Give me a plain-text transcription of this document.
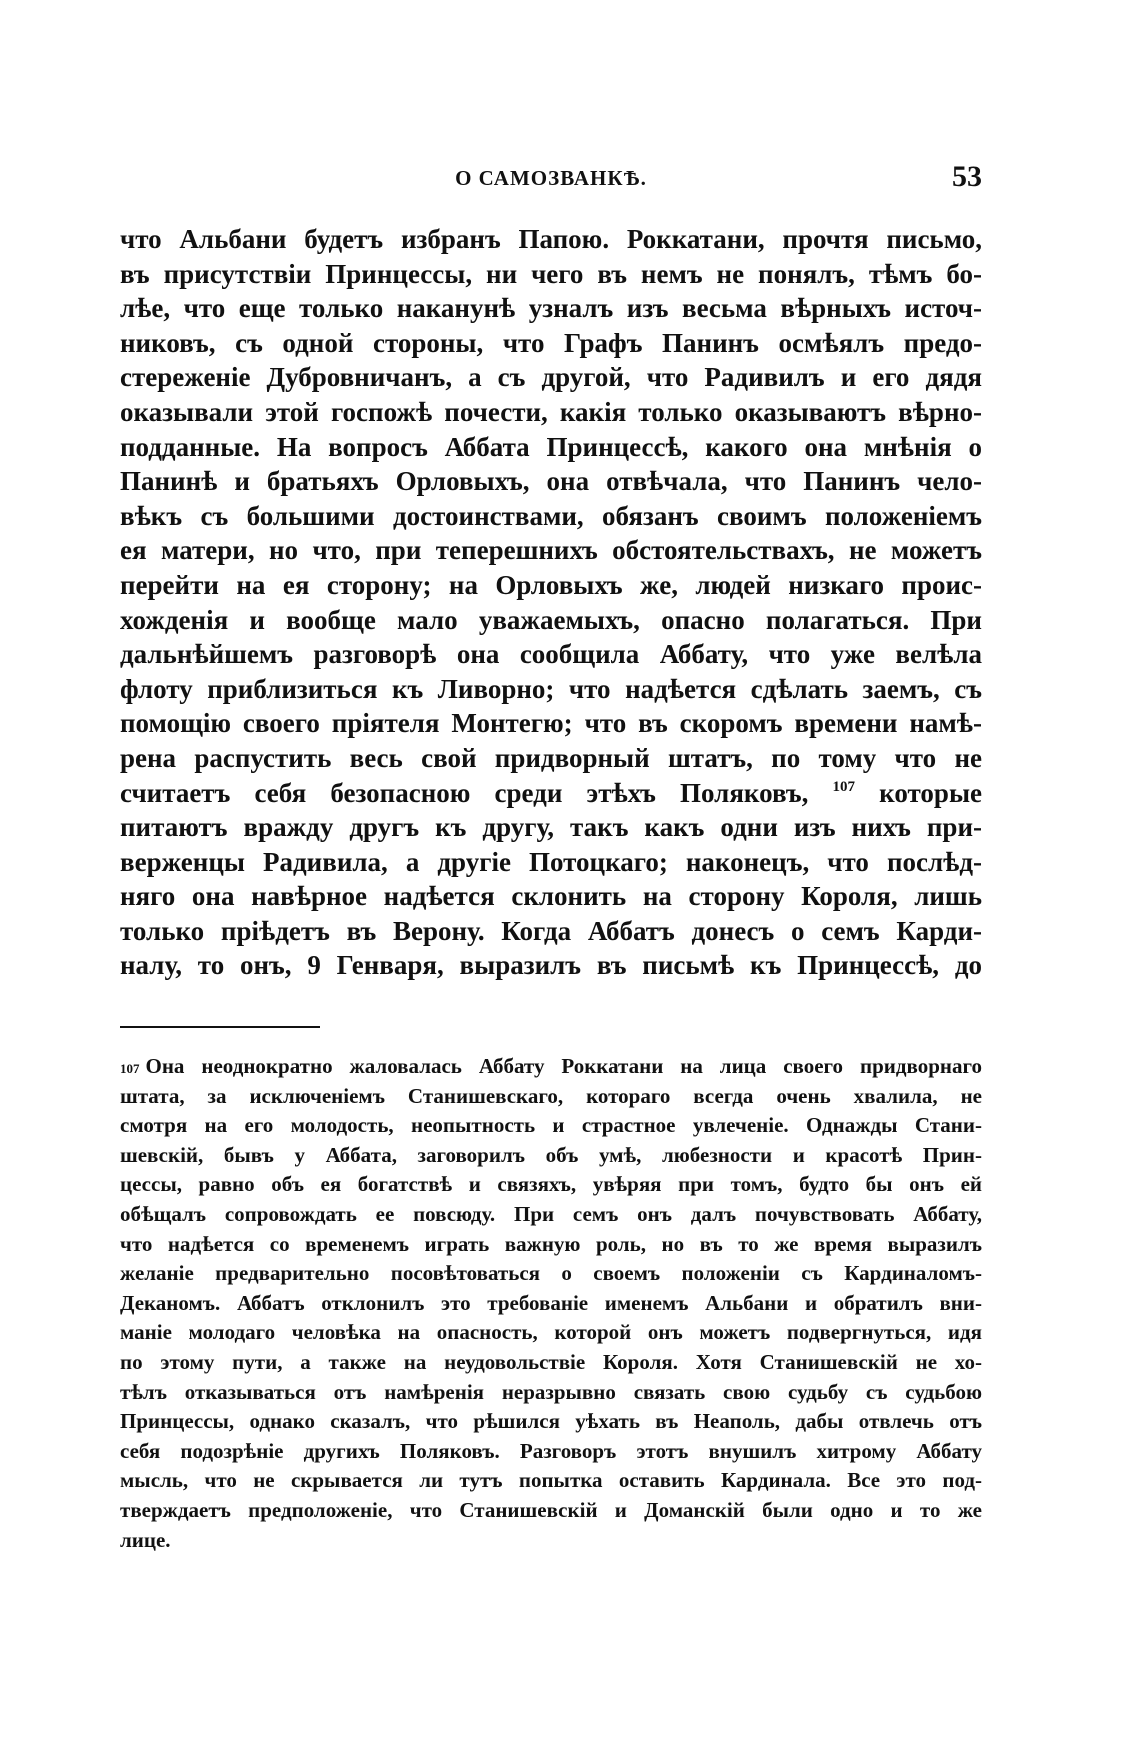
О САМОЗВАНКѢ.	53
что Альбани будетъ избранъ Папою. Роккатани, прочтя письмо,
въ присутствіи Принцессы, ни чего въ немъ не понялъ, тѣмъ бо-
лѣе, что еще только наканунѣ узналъ изъ весьма вѣрныхъ источ-
никовъ, съ одной стороны, что Графъ Панинъ осмѣялъ предо-
стереженіе Дубровничанъ, а съ другой, что Радивилъ и его дядя
оказывали этой госпожѣ почести, какія только оказываютъ вѣрно-
подданные. На вопросъ Аббата Принцессѣ, какого она мнѣнія о
Панинѣ и братьяхъ Орловыхъ, она отвѣчала, что Панинъ чело-
вѣкъ съ большими достоинствами, обязанъ своимъ положеніемъ
ея матери, но что, при теперешнихъ обстоятельствахъ, не можетъ
перейти на ея сторону; на Орловыхъ же, людей низкаго проис-
хожденія и вообще мало уважаемыхъ, опасно полагаться. При
дальнѣйшемъ разговорѣ она сообщила Аббату, что уже велѣла
флоту приблизиться къ Ливорно; что надѣется сдѣлать заемъ, съ
помощію своего пріятеля Монтегю; что въ скоромъ времени намѣ-
рена распустить весь свой придворный штатъ, по тому что не
считаетъ себя безопасною среди этѣхъ Поляковъ, $^{107}$ которые
питаютъ вражду другъ къ другу, такъ какъ одни изъ нихъ при-
верженцы Радивила, а другіе Потоцкаго; наконецъ, что послѣд-
няго она навѣрное надѣется склонить на сторону Короля, лишь
только пріѣдетъ въ Верону. Когда Аббатъ донесъ о семъ Карди-
налу, то онъ, 9 Генваря, выразилъ въ письмѣ къ Принцессѣ, до
$^{107}$ Она неоднократно жаловалась Аббату Роккатани на лица своего придворнаго
штата, за исключеніемъ Станишевскаго, котораго всегда очень хвалила, не
смотря на его молодость, неопытность и страстное увлеченіе. Однажды Стани-
шевскій, бывъ у Аббата, заговорилъ объ умѣ, любезности и красотѣ Прин-
цессы, равно объ ея богатствѣ и связяхъ, увѣряя при томъ, будто бы онъ ей
обѣщалъ сопровождать ее повсюду. При семъ онъ далъ почувствовать Аббату,
что надѣется со временемъ играть важную роль, но въ то же время выразилъ
желаніе предварительно посовѣтоваться о своемъ положеніи съ Кардиналомъ-
Деканомъ. Аббатъ отклонилъ это требованіе именемъ Альбани и обратилъ вни-
маніе молодаго человѣка на опасность, которой онъ можетъ подвергнуться, идя
по этому пути, а также на неудовольствіе Короля. Хотя Станишевскій не хо-
тѣлъ отказываться отъ намѣренія неразрывно связать свою судьбу съ судьбою
Принцессы, однако сказалъ, что рѣшился уѣхать въ Неаполь, дабы отвлечь отъ
себя подозрѣніе другихъ Поляковъ. Разговоръ этотъ внушилъ хитрому Аббату
мысль, что не скрывается ли тутъ попытка оставить Кардинала. Все это под-
тверждаетъ предположеніе, что Станишевскій и Доманскій были одно и то же
лице.
